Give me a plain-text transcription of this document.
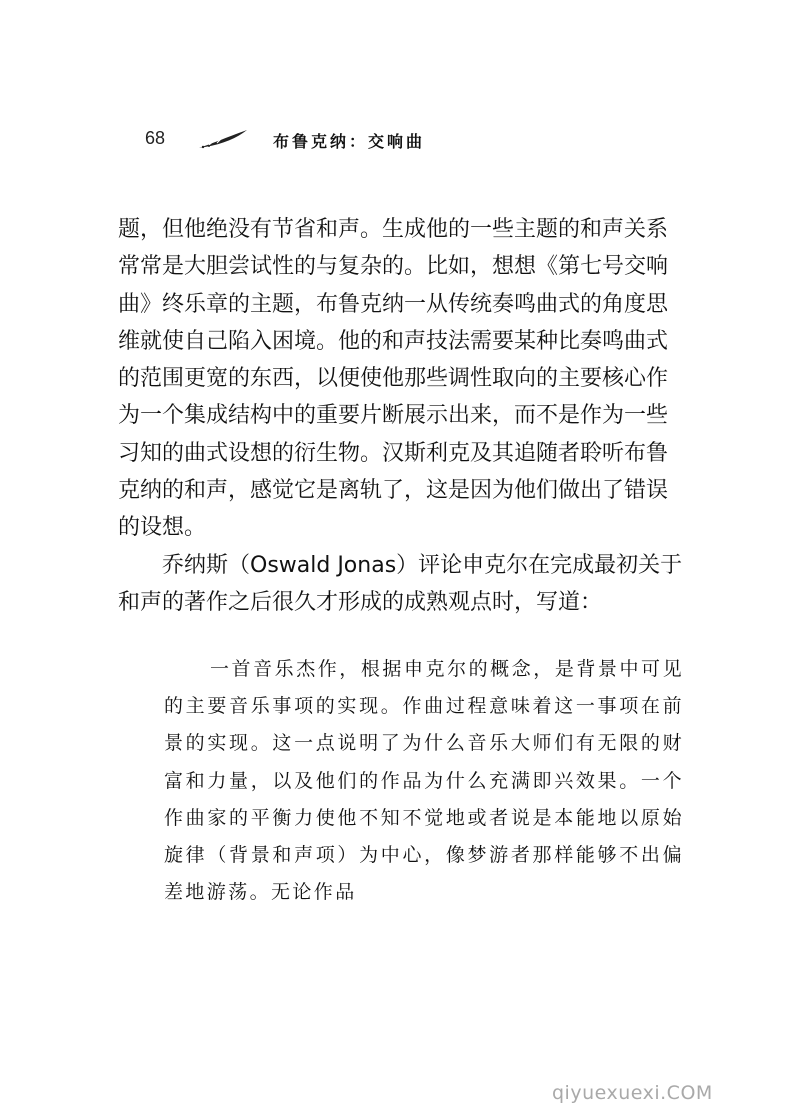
68	布鲁克纳：交响曲

题，但他绝没有节省和声。生成他的一些主题的和声关系常常是大胆尝试性的与复杂的。比如，想想《第七号交响曲》终乐章的主题，布鲁克纳一从传统奏鸣曲式的角度思维就使自己陷入困境。他的和声技法需要某种比奏鸣曲式的范围更宽的东西，以便使他那些调性取向的主要核心作为一个集成结构中的重要片断展示出来，而不是作为一些习知的曲式设想的衍生物。汉斯利克及其追随者聆听布鲁克纳的和声，感觉它是离轨了，这是因为他们做出了错误的设想。

乔纳斯（Oswald Jonas）评论申克尔在完成最初关于和声的著作之后很久才形成的成熟观点时，写道：

一首音乐杰作，根据申克尔的概念，是背景中可见的主要音乐事项的实现。作曲过程意味着这一事项在前景的实现。这一点说明了为什么音乐大师们有无限的财富和力量，以及他们的作品为什么充满即兴效果。一个作曲家的平衡力使他不知不觉地或者说是本能地以原始旋律（背景和声项）为中心，像梦游者那样能够不出偏差地游荡。无论作品

qiyuexuexi.COM
